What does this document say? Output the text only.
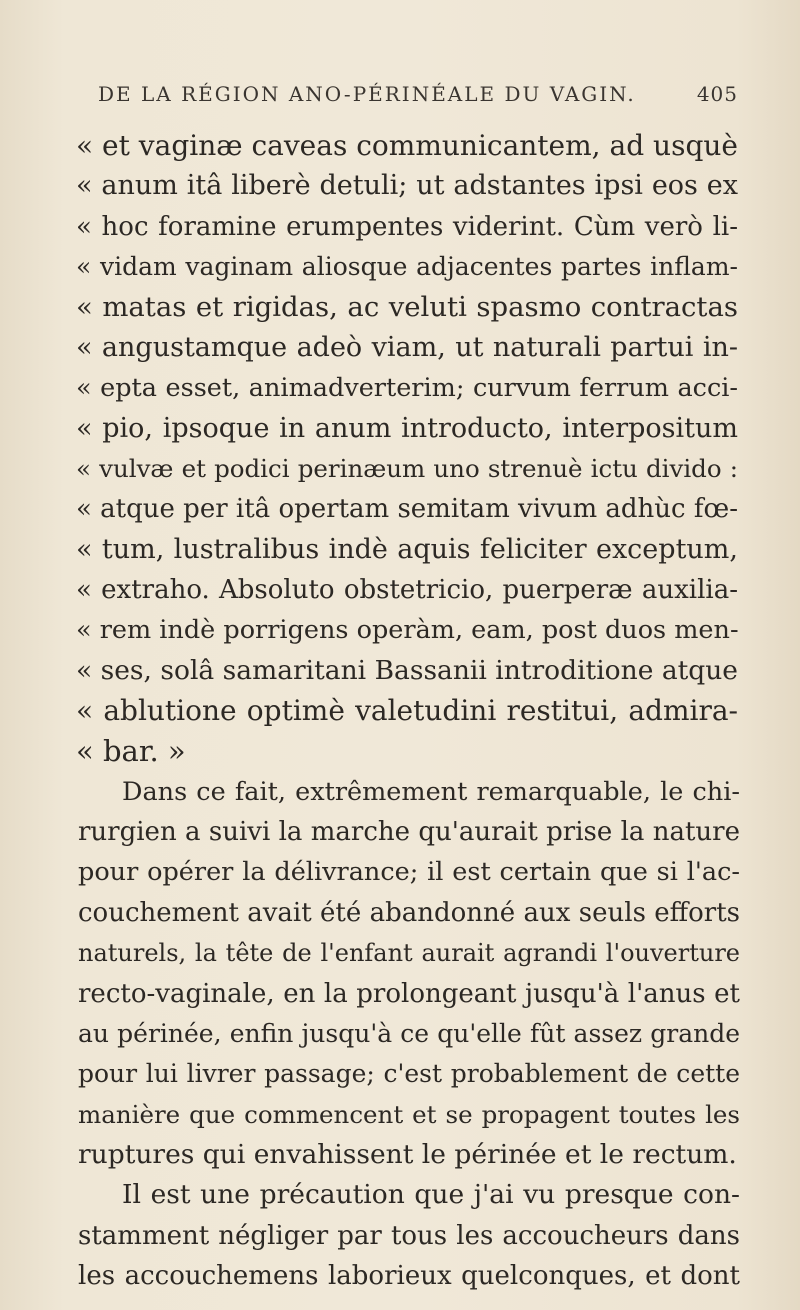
DE LA RÉGION ANO-PÉRINÉALE DU VAGIN.	405
« et vaginæ caveas communicantem, ad usquè
« anum itâ liberè detuli; ut adstantes ipsi eos ex
« hoc foramine erumpentes viderint. Cùm verò li-
« vidam vaginam aliosque adjacentes partes inflam-
« matas et rigidas, ac veluti spasmo contractas
« angustamque adeò viam, ut naturali partui in-
« epta esset, animadverterim; curvum ferrum acci-
« pio, ipsoque in anum introducto, interpositum
« vulvæ et podici perinæum uno strenuè ictu divido :
« atque per itâ opertam semitam vivum adhùc fœ-
« tum, lustralibus indè aquis feliciter exceptum,
« extraho. Absoluto obstetricio, puerperæ auxilia-
« rem indè porrigens operàm, eam, post duos men-
« ses, solâ samaritani Bassanii introditione atque
« ablutione optimè valetudini restitui, admira-
« bar. »
Dans ce fait, extrêmement remarquable, le chi-
rurgien a suivi la marche qu'aurait prise la nature
pour opérer la délivrance; il est certain que si l'ac-
couchement avait été abandonné aux seuls efforts
naturels, la tête de l'enfant aurait agrandi l'ouverture
recto-vaginale, en la prolongeant jusqu'à l'anus et
au périnée, enfin jusqu'à ce qu'elle fût assez grande
pour lui livrer passage; c'est probablement de cette
manière que commencent et se propagent toutes les
ruptures qui envahissent le périnée et le rectum.
Il est une précaution que j'ai vu presque con-
stamment négliger par tous les accoucheurs dans
les accouchemens laborieux quelconques, et dont
